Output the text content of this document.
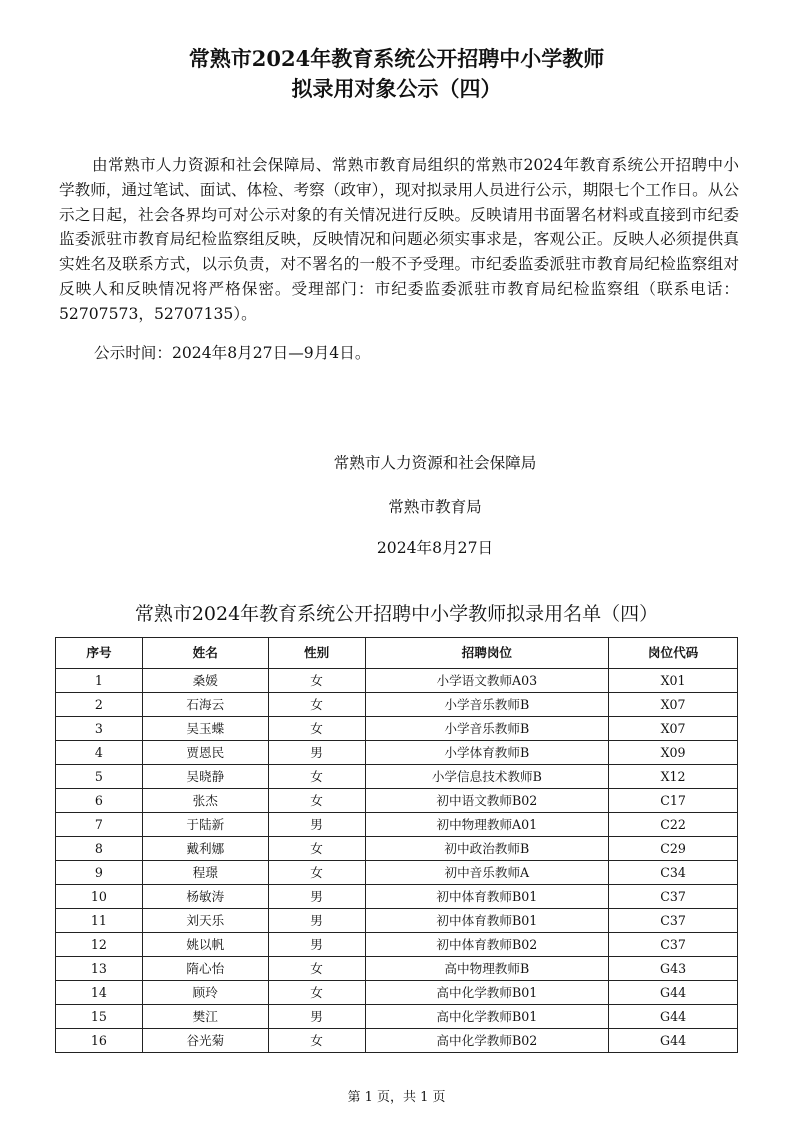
常熟市2024年教育系统公开招聘中小学教师
拟录用对象公示（四）
由常熟市人力资源和社会保障局、常熟市教育局组织的常熟市2024年教育系统公开招聘中小学教师，通过笔试、面试、体检、考察（政审），现对拟录用人员进行公示，期限七个工作日。从公示之日起，社会各界均可对公示对象的有关情况进行反映。反映请用书面署名材料或直接到市纪委监委派驻市教育局纪检监察组反映，反映情况和问题必须实事求是，客观公正。反映人必须提供真实姓名及联系方式，以示负责，对不署名的一般不予受理。市纪委监委派驻市教育局纪检监察组对反映人和反映情况将严格保密。受理部门：市纪委监委派驻市教育局纪检监察组（联系电话：52707573，52707135）。
公示时间：2024年8月27日—9月4日。
常熟市人力资源和社会保障局
常熟市教育局
2024年8月27日
常熟市2024年教育系统公开招聘中小学教师拟录用名单（四）
序号	姓名	性别	招聘岗位	岗位代码
1	桑媛	女	小学语文教师A03	X01
2	石海云	女	小学音乐教师B	X07
3	吴玉蝶	女	小学音乐教师B	X07
4	贾恩民	男	小学体育教师B	X09
5	吴晓静	女	小学信息技术教师B	X12
6	张杰	女	初中语文教师B02	C17
7	于陆新	男	初中物理教师A01	C22
8	戴利娜	女	初中政治教师B	C29
9	程璟	女	初中音乐教师A	C34
10	杨敏涛	男	初中体育教师B01	C37
11	刘天乐	男	初中体育教师B01	C37
12	姚以帆	男	初中体育教师B02	C37
13	隋心怡	女	高中物理教师B	G43
14	顾玲	女	高中化学教师B01	G44
15	樊江	男	高中化学教师B01	G44
16	谷光菊	女	高中化学教师B02	G44
第 1 页，共 1 页
